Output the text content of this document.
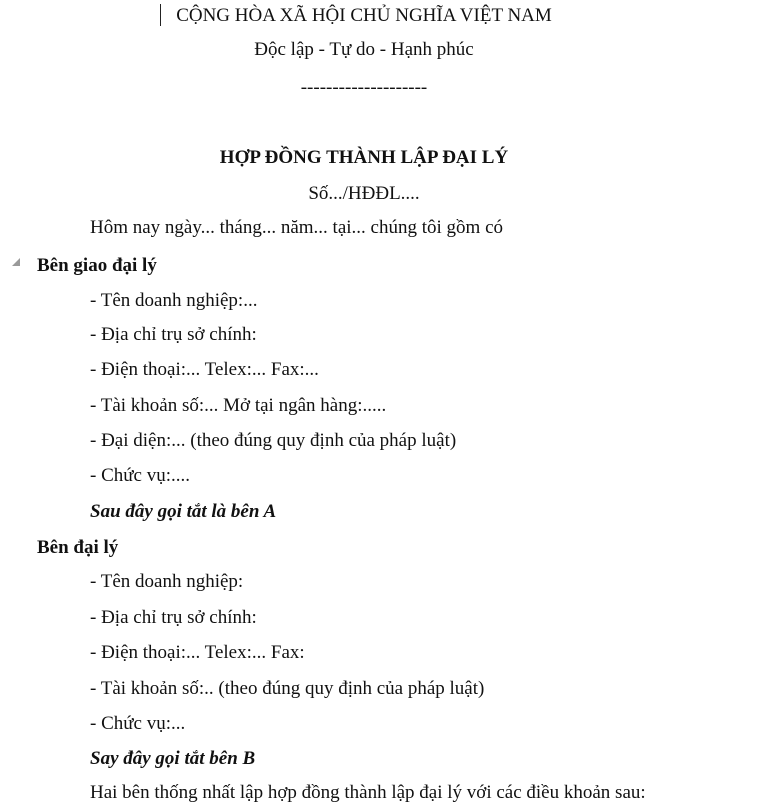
CỘNG HÒA XÃ HỘI CHỦ NGHĨA VIỆT NAM
Độc lập - Tự do - Hạnh phúc
--------------------
HỢP ĐỒNG THÀNH LẬP ĐẠI LÝ
Số.../HĐĐL....
Hôm nay ngày... tháng... năm... tại... chúng tôi gồm có
Bên giao đại lý
- Tên doanh nghiệp:...
- Địa chỉ trụ sở chính:
- Điện thoại:... Telex:... Fax:...
- Tài khoản số:... Mở tại ngân hàng:.....
- Đại diện:... (theo đúng quy định của pháp luật)
- Chức vụ:....
Sau đây gọi tắt là bên A
Bên đại lý
- Tên doanh nghiệp:
- Địa chỉ trụ sở chính:
- Điện thoại:... Telex:... Fax:
- Tài khoản số:.. (theo đúng quy định của pháp luật)
- Chức vụ:...
Say đây gọi tắt bên B
Hai bên thống nhất lập hợp đồng thành lập đại lý với các điều khoản sau:
